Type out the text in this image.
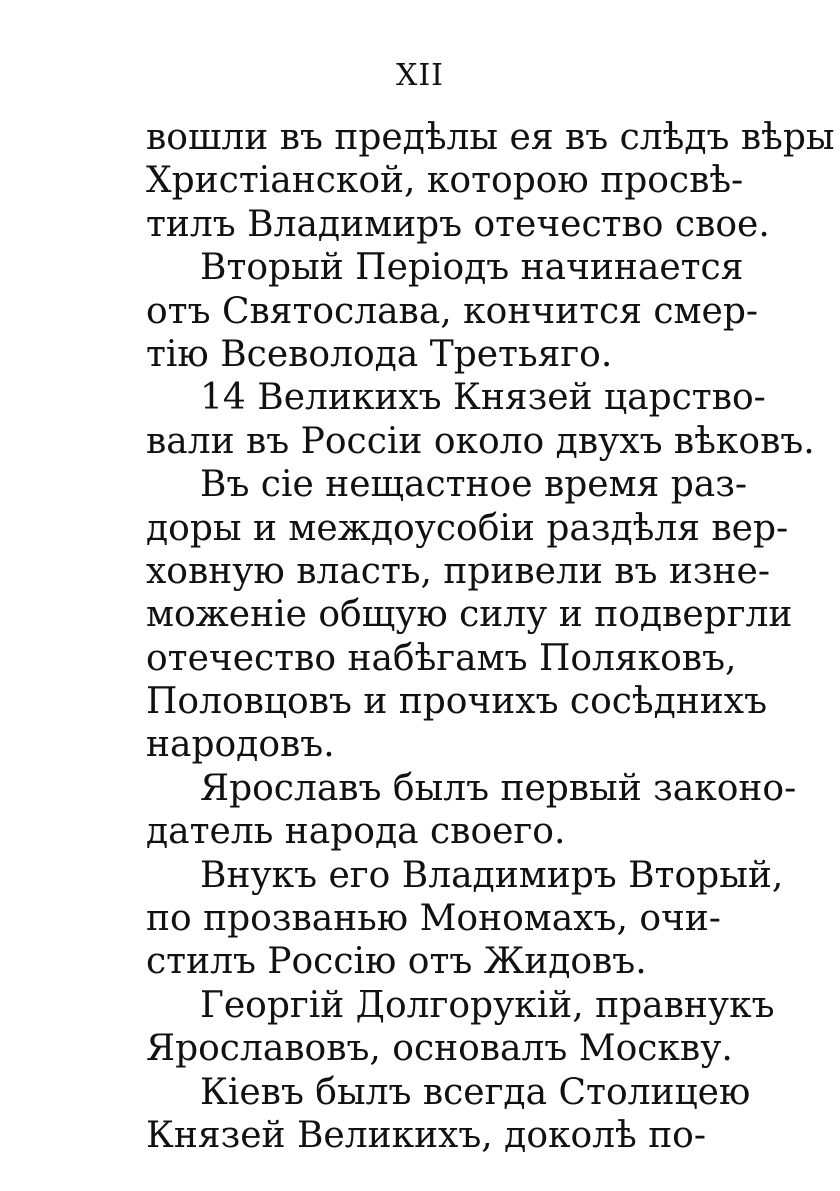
XII
вошли въ предѣлы ея въ слѣдъ вѣры
Христіанской, которою просвѣ-
тилъ Владимиръ отечество свое.
Вторый Періодъ начинается
отъ Святослава, кончится смер-
тію Всеволода Третьяго.
14 Великихъ Князей царство-
вали въ Россіи около двухъ вѣковъ.
Въ сіе нещастное время раз-
доры и междоусобіи раздѣля вер-
ховную власть, привели въ изне-
моженіе общую силу и подвергли
отечество набѣгамъ Поляковъ,
Половцовъ и прочихъ сосѣднихъ
народовъ.
Ярославъ былъ первый законо-
датель народа своего.
Внукъ его Владимиръ Вторый,
по прозванью Мономахъ, очи-
стилъ Россію отъ Жидовъ.
Георгій Долгорукій, правнукъ
Ярославовъ, основалъ Москву.
Кіевъ былъ всегда Столицею
Князей Великихъ, доколѣ по-
